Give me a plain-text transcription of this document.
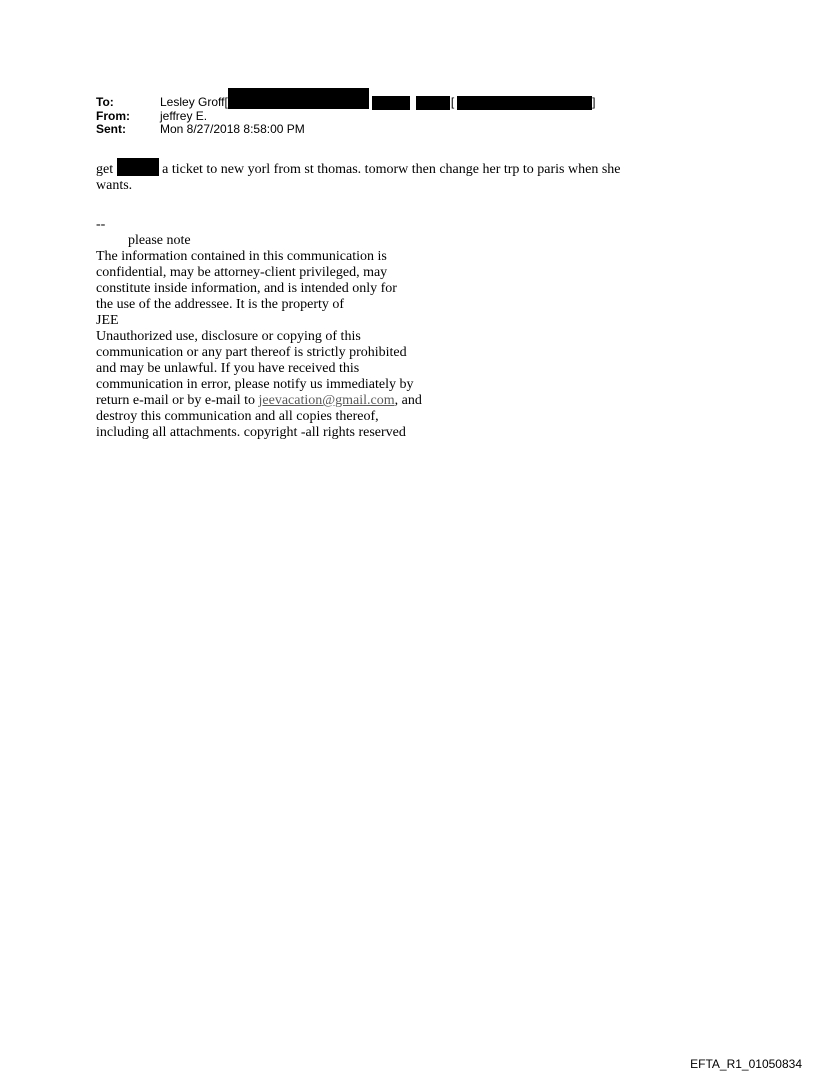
To:	Lesley Groff [	[	]
From:	jeffrey E.
Sent:	Mon 8/27/2018 8:58:00 PM
get	a ticket to new yorl from st thomas. tomorw then change her trp to paris when she
wants.
--
please note
The information contained in this communication is
confidential, may be attorney-client privileged, may
constitute inside information, and is intended only for
the use of the addressee. It is the property of
JEE
Unauthorized use, disclosure or copying of this
communication or any part thereof is strictly prohibited
and may be unlawful. If you have received this
communication in error, please notify us immediately by
return e-mail or by e-mail to jeevacation@gmail.com, and
destroy this communication and all copies thereof,
including all attachments. copyright -all rights reserved
EFTA_R1_01050834
